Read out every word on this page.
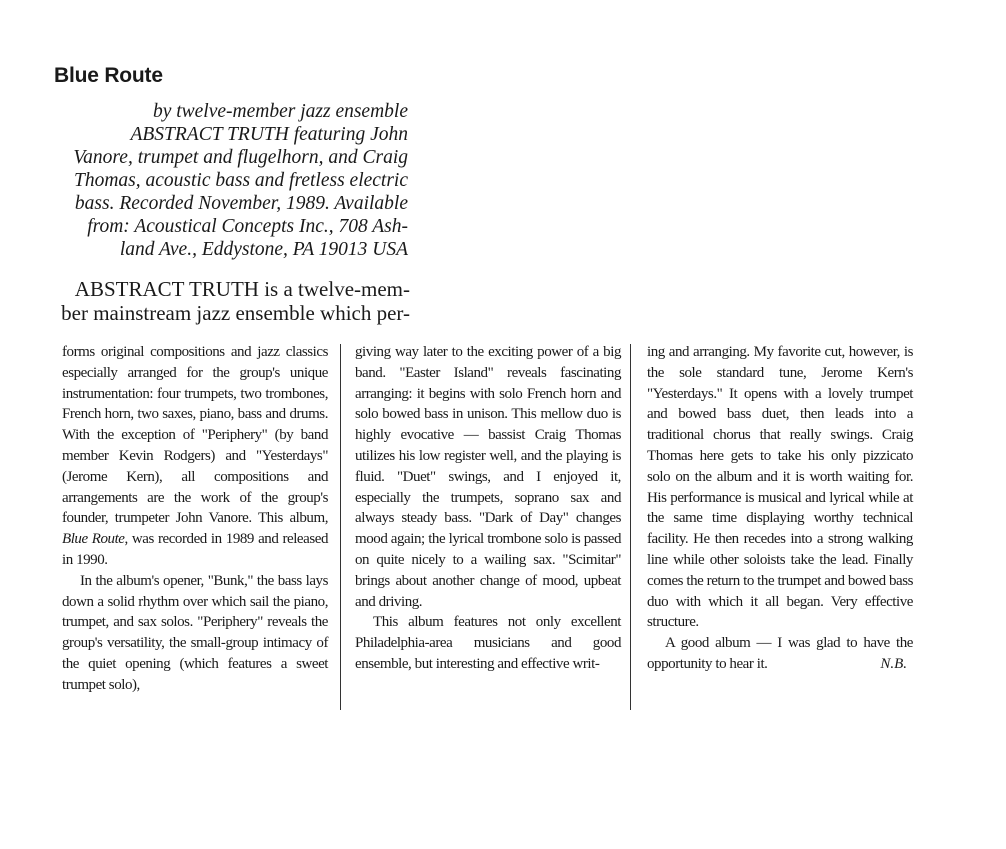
Blue Route
by twelve-member jazz ensemble
ABSTRACT TRUTH featuring John
Vanore, trumpet and flugelhorn, and Craig
Thomas, acoustic bass and fretless electric
bass. Recorded November, 1989. Available
from: Acoustical Concepts Inc., 708 Ash-
land Ave., Eddystone, PA 19013 USA
ABSTRACT TRUTH is a twelve-mem-
ber mainstream jazz ensemble which per-

forms original compositions and jazz classics especially arranged for the group's unique instrumentation: four trumpets, two trombones, French horn, two saxes, piano, bass and drums. With the exception of "Periphery" (by band member Kevin Rodgers) and "Yesterdays" (Jerome Kern), all compositions and arrangements are the work of the group's founder, trumpeter John Vanore. This album, Blue Route, was recorded in 1989 and released in 1990.

In the album's opener, "Bunk," the bass lays down a solid rhythm over which sail the piano, trumpet, and sax solos. "Periphery" reveals the group's versatility, the small-group intimacy of the quiet opening (which features a sweet trumpet solo),

giving way later to the exciting power of a big band. "Easter Island" reveals fascinating arranging: it begins with solo French horn and solo bowed bass in unison. This mellow duo is highly evocative — bassist Craig Thomas utilizes his low register well, and the playing is fluid. "Duet" swings, and I enjoyed it, especially the trumpets, soprano sax and always steady bass. "Dark of Day" changes mood again; the lyrical trombone solo is passed on quite nicely to a wailing sax. "Scimitar" brings about another change of mood, upbeat and driving.

This album features not only excellent Philadelphia-area musicians and good ensemble, but interesting and effective writ-

ing and arranging. My favorite cut, however, is the sole standard tune, Jerome Kern's "Yesterdays." It opens with a lovely trumpet and bowed bass duet, then leads into a traditional chorus that really swings. Craig Thomas here gets to take his only pizzicato solo on the album and it is worth waiting for. His performance is musical and lyrical while at the same time displaying worthy technical facility. He then recedes into a strong walking line while other soloists take the lead. Finally comes the return to the trumpet and bowed bass duo with which it all began. Very effective structure.

A good album — I was glad to have the opportunity to hear it.	N.B.
